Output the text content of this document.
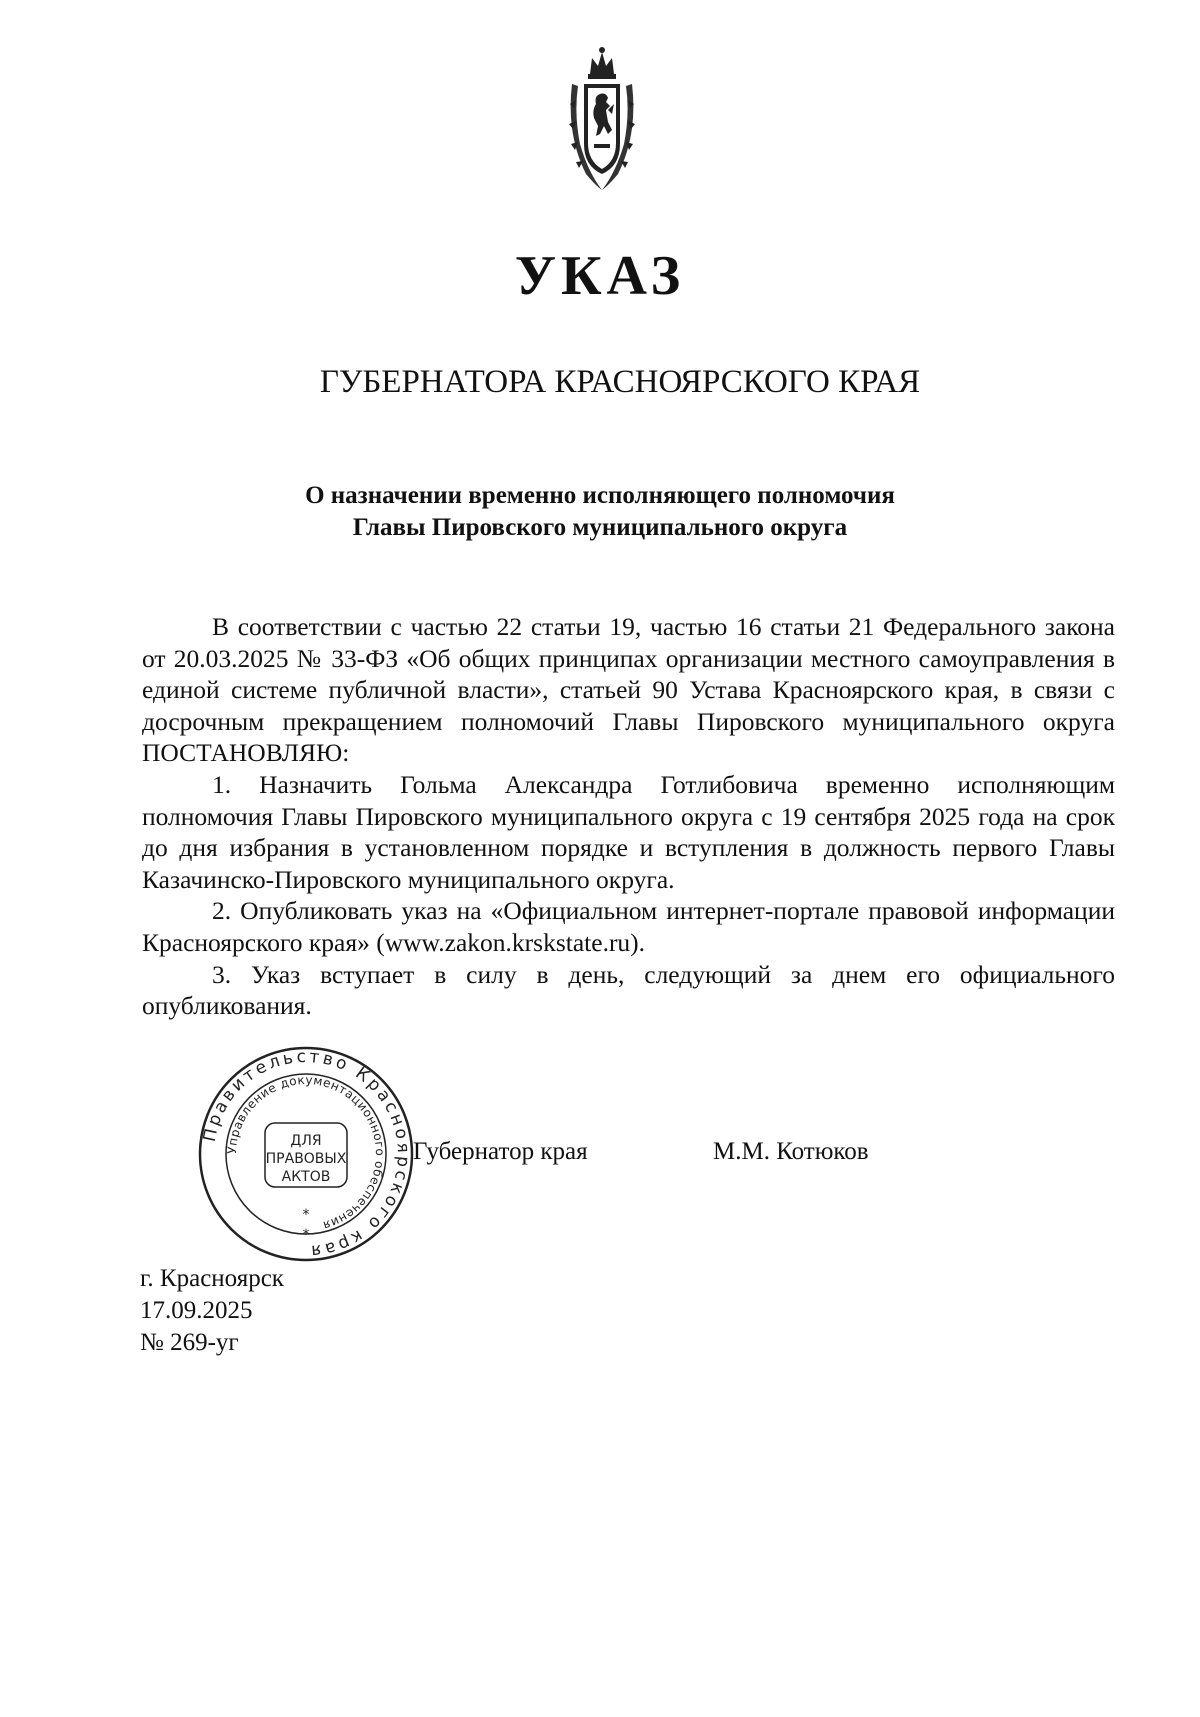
УКАЗ
ГУБЕРНАТОРА КРАСНОЯРСКОГО КРАЯ
О назначении временно исполняющего полномочия
Главы Пировского муниципального округа

В соответствии с частью 22 статьи 19, частью 16 статьи 21 Федерального закона от 20.03.2025 № 33-ФЗ «Об общих принципах организации местного самоуправления в единой системе публичной власти», статьей 90 Устава Красноярского края, в связи с досрочным прекращением полномочий Главы Пировского муниципального округа ПОСТАНОВЛЯЮ:

1. Назначить Гольма Александра Готлибовича временно исполняющим полномочия Главы Пировского муниципального округа с 19 сентября 2025 года на срок до дня избрания в установленном порядке и вступления в должность первого Главы Казачинско-Пировского муниципального округа.

2. Опубликовать указ на «Официальном интернет-портале правовой информации Красноярского края» (www.zakon.krskstate.ru).

3. Указ вступает в силу в день, следующий за днем его официального опубликования.

Губернатор края	М.М. Котюков
Правительство Красноярского края
Управление документационного обеспечения
ДЛЯ
ПРАВОВЫХ
АКТОВ
*
*
г. Красноярск
17.09.2025
№ 269-уг
